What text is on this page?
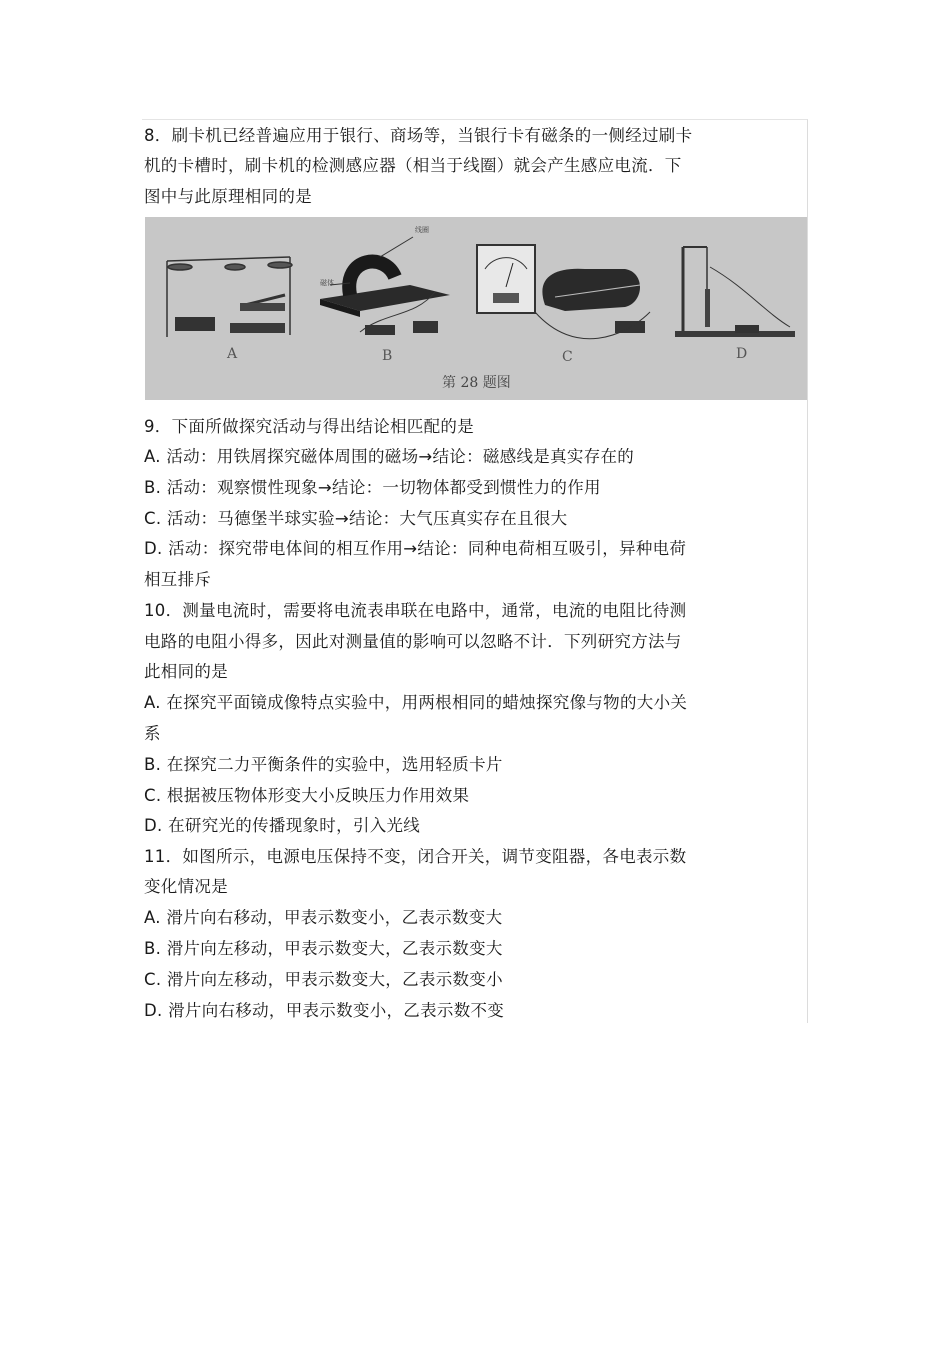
8．刷卡机已经普遍应用于银行、商场等，当银行卡有磁条的一侧经过刷卡
机的卡槽时，刷卡机的检测感应器（相当于线圈）就会产生感应电流．下
图中与此原理相同的是
A	B	C	D
第 28 题图
线圈
磁体
9．下面所做探究活动与得出结论相匹配的是
A. 活动：用铁屑探究磁体周围的磁场→结论：磁感线是真实存在的
B. 活动：观察惯性现象→结论：一切物体都受到惯性力的作用
C. 活动：马德堡半球实验→结论：大气压真实存在且很大
D. 活动：探究带电体间的相互作用→结论：同种电荷相互吸引，异种电荷
相互排斥
10．测量电流时，需要将电流表串联在电路中，通常，电流的电阻比待测
电路的电阻小得多，因此对测量值的影响可以忽略不计．下列研究方法与
此相同的是
A. 在探究平面镜成像特点实验中，用两根相同的蜡烛探究像与物的大小关
系
B. 在探究二力平衡条件的实验中，选用轻质卡片
C. 根据被压物体形变大小反映压力作用效果
D. 在研究光的传播现象时，引入光线
11．如图所示，电源电压保持不变，闭合开关，调节变阻器，各电表示数
变化情况是
A. 滑片向右移动，甲表示数变小，乙表示数变大
B. 滑片向左移动，甲表示数变大，乙表示数变大
C. 滑片向左移动，甲表示数变大，乙表示数变小
D. 滑片向右移动，甲表示数变小，乙表示数不变
